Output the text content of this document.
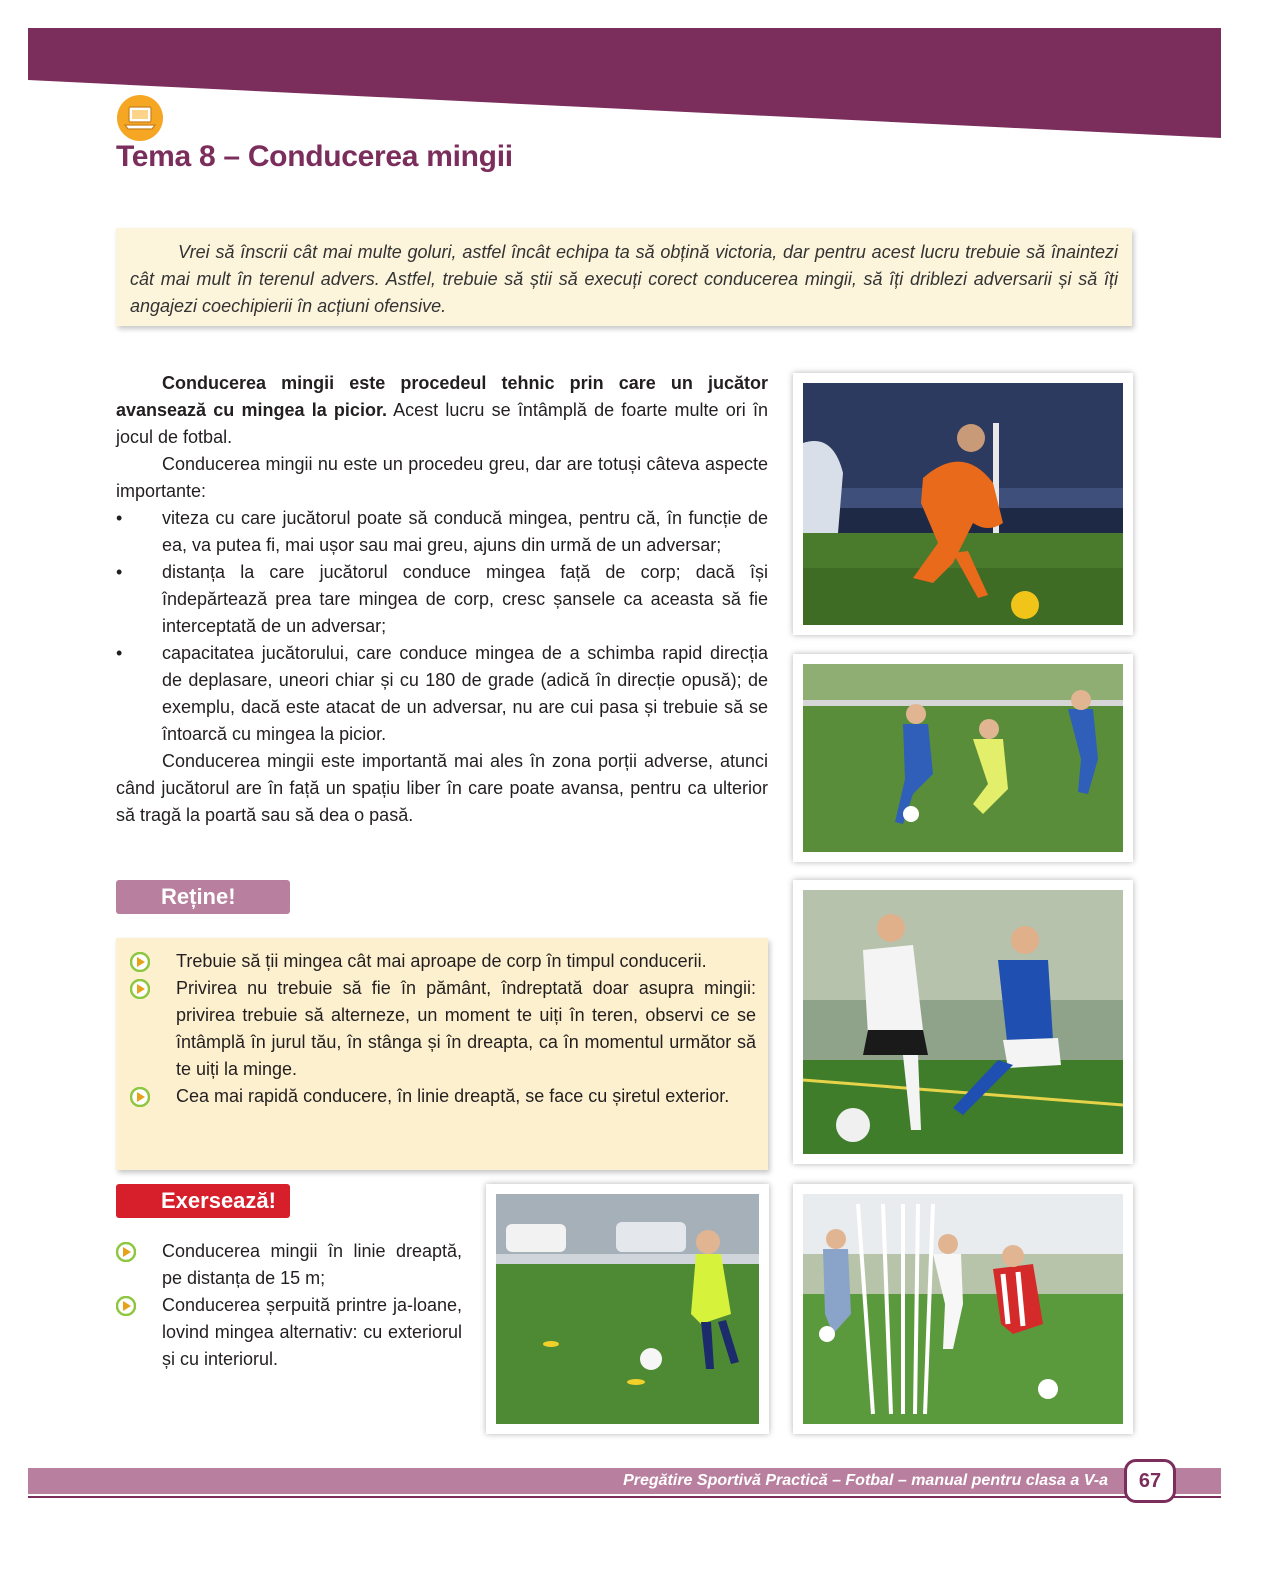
Tema 8 – Conducerea mingii

Vrei să înscrii cât mai multe goluri, astfel încât echipa ta să obțină victoria, dar pentru acest lucru trebuie să înaintezi cât mai mult în terenul advers. Astfel, trebuie să știi să execuți corect conducerea mingii, să îți driblezi adversarii și să îți angajezi coechipierii în acțiuni ofensive.

Conducerea mingii este procedeul tehnic prin care un jucător avansează cu mingea la picior. Acest lucru se întâmplă de foarte multe ori în jocul de fotbal.

Conducerea mingii nu este un procedeu greu, dar are totuși câteva aspecte importante:

• viteza cu care jucătorul poate să conducă mingea, pentru că, în funcție de ea, va putea fi, mai ușor sau mai greu, ajuns din urmă de un adversar;
• distanța la care jucătorul conduce mingea față de corp; dacă își îndepărtează prea tare mingea de corp, cresc șansele ca aceasta să fie interceptată de un adversar;
• capacitatea jucătorului, care conduce mingea de a schimba rapid direcția de deplasare, uneori chiar și cu 180 de grade (adică în direcție opusă); de exemplu, dacă este atacat de un adversar, nu are cui pasa și trebuie să se întoarcă cu mingea la picior.

Conducerea mingii este importantă mai ales în zona porții adverse, atunci când jucătorul are în față un spațiu liber în care poate avansa, pentru ca ulterior să tragă la poartă sau să dea o pasă.

Reține!
Trebuie să ții mingea cât mai aproape de corp în timpul conducerii.
Privirea nu trebuie să fie în pământ, îndreptată doar asupra mingii: privirea trebuie să alterneze, un moment te uiți în teren, observi ce se întâmplă în jurul tău, în stânga și în dreapta, ca în momentul următor să te uiți la minge.
Cea mai rapidă conducere, în linie dreaptă, se face cu șiretul exterior.
Exersează!
Conducerea mingii în linie dreaptă, pe distanța de 15 m;
Conducerea șerpuită printre ja-loane, lovind mingea alternativ: cu exteriorul și cu interiorul.
Pregătire Sportivă Practică – Fotbal – manual pentru clasa a V-a	67
